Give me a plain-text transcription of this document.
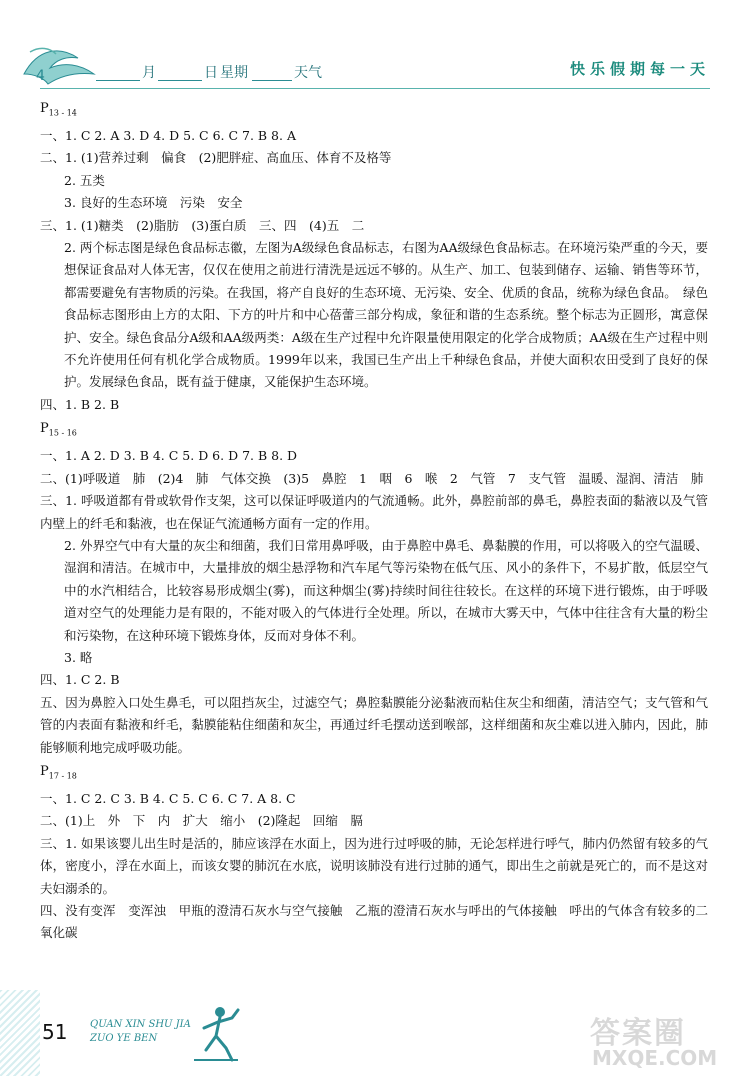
4	月	日 星期	天气	快乐假期每一天

$P_{13 - 14}$

一、1. C 2. A 3. D 4. D 5. C 6. C 7. B 8. A

二、1. (1)营养过剩　偏食　(2)肥胖症、高血压、体育不及格等

2. 五类

3. 良好的生态环境　污染　安全

三、1. (1)糖类　(2)脂肪　(3)蛋白质　三、四　(4)五　二

2. 两个标志图是绿色食品标志徽，左图为A级绿色食品标志，右图为AA级绿色食品标志。在环境污染严重的今天，要想保证食品对人体无害，仅仅在使用之前进行清洗是远远不够的。从生产、加工、包装到储存、运输、销售等环节，都需要避免有害物质的污染。在我国，将产自良好的生态环境、无污染、安全、优质的食品，统称为绿色食品。　绿色食品标志图形由上方的太阳、下方的叶片和中心蓓蕾三部分构成，象征和谐的生态系统。整个标志为正圆形，寓意保护、安全。绿色食品分A级和AA级两类：A级在生产过程中允许限量使用限定的化学合成物质；AA级在生产过程中则不允许使用任何有机化学合成物质。1999年以来，我国已生产出上千种绿色食品，并使大面积农田受到了良好的保护。发展绿色食品，既有益于健康，又能保护生态环境。

四、1. B 2. B

$P_{15 - 16}$

一、1. A 2. D 3. B 4. C 5. D 6. D 7. B 8. D

二、(1)呼吸道　肺　(2)4　肺　气体交换　(3)5　鼻腔　1　咽　6　喉　2　气管　7　支气管　温暖、湿润、清洁　肺

三、1. 呼吸道都有骨或软骨作支架，这可以保证呼吸道内的气流通畅。此外，鼻腔前部的鼻毛，鼻腔表面的黏液以及气管内壁上的纤毛和黏液，也在保证气流通畅方面有一定的作用。

2. 外界空气中有大量的灰尘和细菌，我们日常用鼻呼吸，由于鼻腔中鼻毛、鼻黏膜的作用，可以将吸入的空气温暖、湿润和清洁。在城市中，大量排放的烟尘悬浮物和汽车尾气等污染物在低气压、风小的条件下，不易扩散，低层空气中的水汽相结合，比较容易形成烟尘(雾)，而这种烟尘(雾)持续时间往往较长。在这样的环境下进行锻炼，由于呼吸道对空气的处理能力是有限的，不能对吸入的气体进行全处理。所以，在城市大雾天中，气体中往往含有大量的粉尘和污染物，在这种环境下锻炼身体，反而对身体不利。

3. 略

四、1. C 2. B

五、因为鼻腔入口处生鼻毛，可以阻挡灰尘，过滤空气；鼻腔黏膜能分泌黏液而粘住灰尘和细菌，清洁空气；支气管和气管的内表面有黏液和纤毛，黏膜能粘住细菌和灰尘，再通过纤毛摆动送到喉部，这样细菌和灰尘难以进入肺内，因此，肺能够顺利地完成呼吸功能。

$P_{17 - 18}$

一、1. C 2. C 3. B 4. C 5. C 6. C 7. A 8. C

二、(1)上　外　下　内　扩大　缩小　(2)隆起　回缩　膈

三、1. 如果该婴儿出生时是活的，肺应该浮在水面上，因为进行过呼吸的肺，无论怎样进行呼气，肺内仍然留有较多的气体，密度小，浮在水面上，而该女婴的肺沉在水底，说明该肺没有进行过肺的通气，即出生之前就是死亡的，而不是这对夫妇溺杀的。

四、没有变浑　变浑浊　甲瓶的澄清石灰水与空气接触　乙瓶的澄清石灰水与呼出的气体接触　呼出的气体含有较多的二氧化碳

51 QUAN XIN SHU JIA
ZUO YE BEN	答案圈
MXQE.COM
